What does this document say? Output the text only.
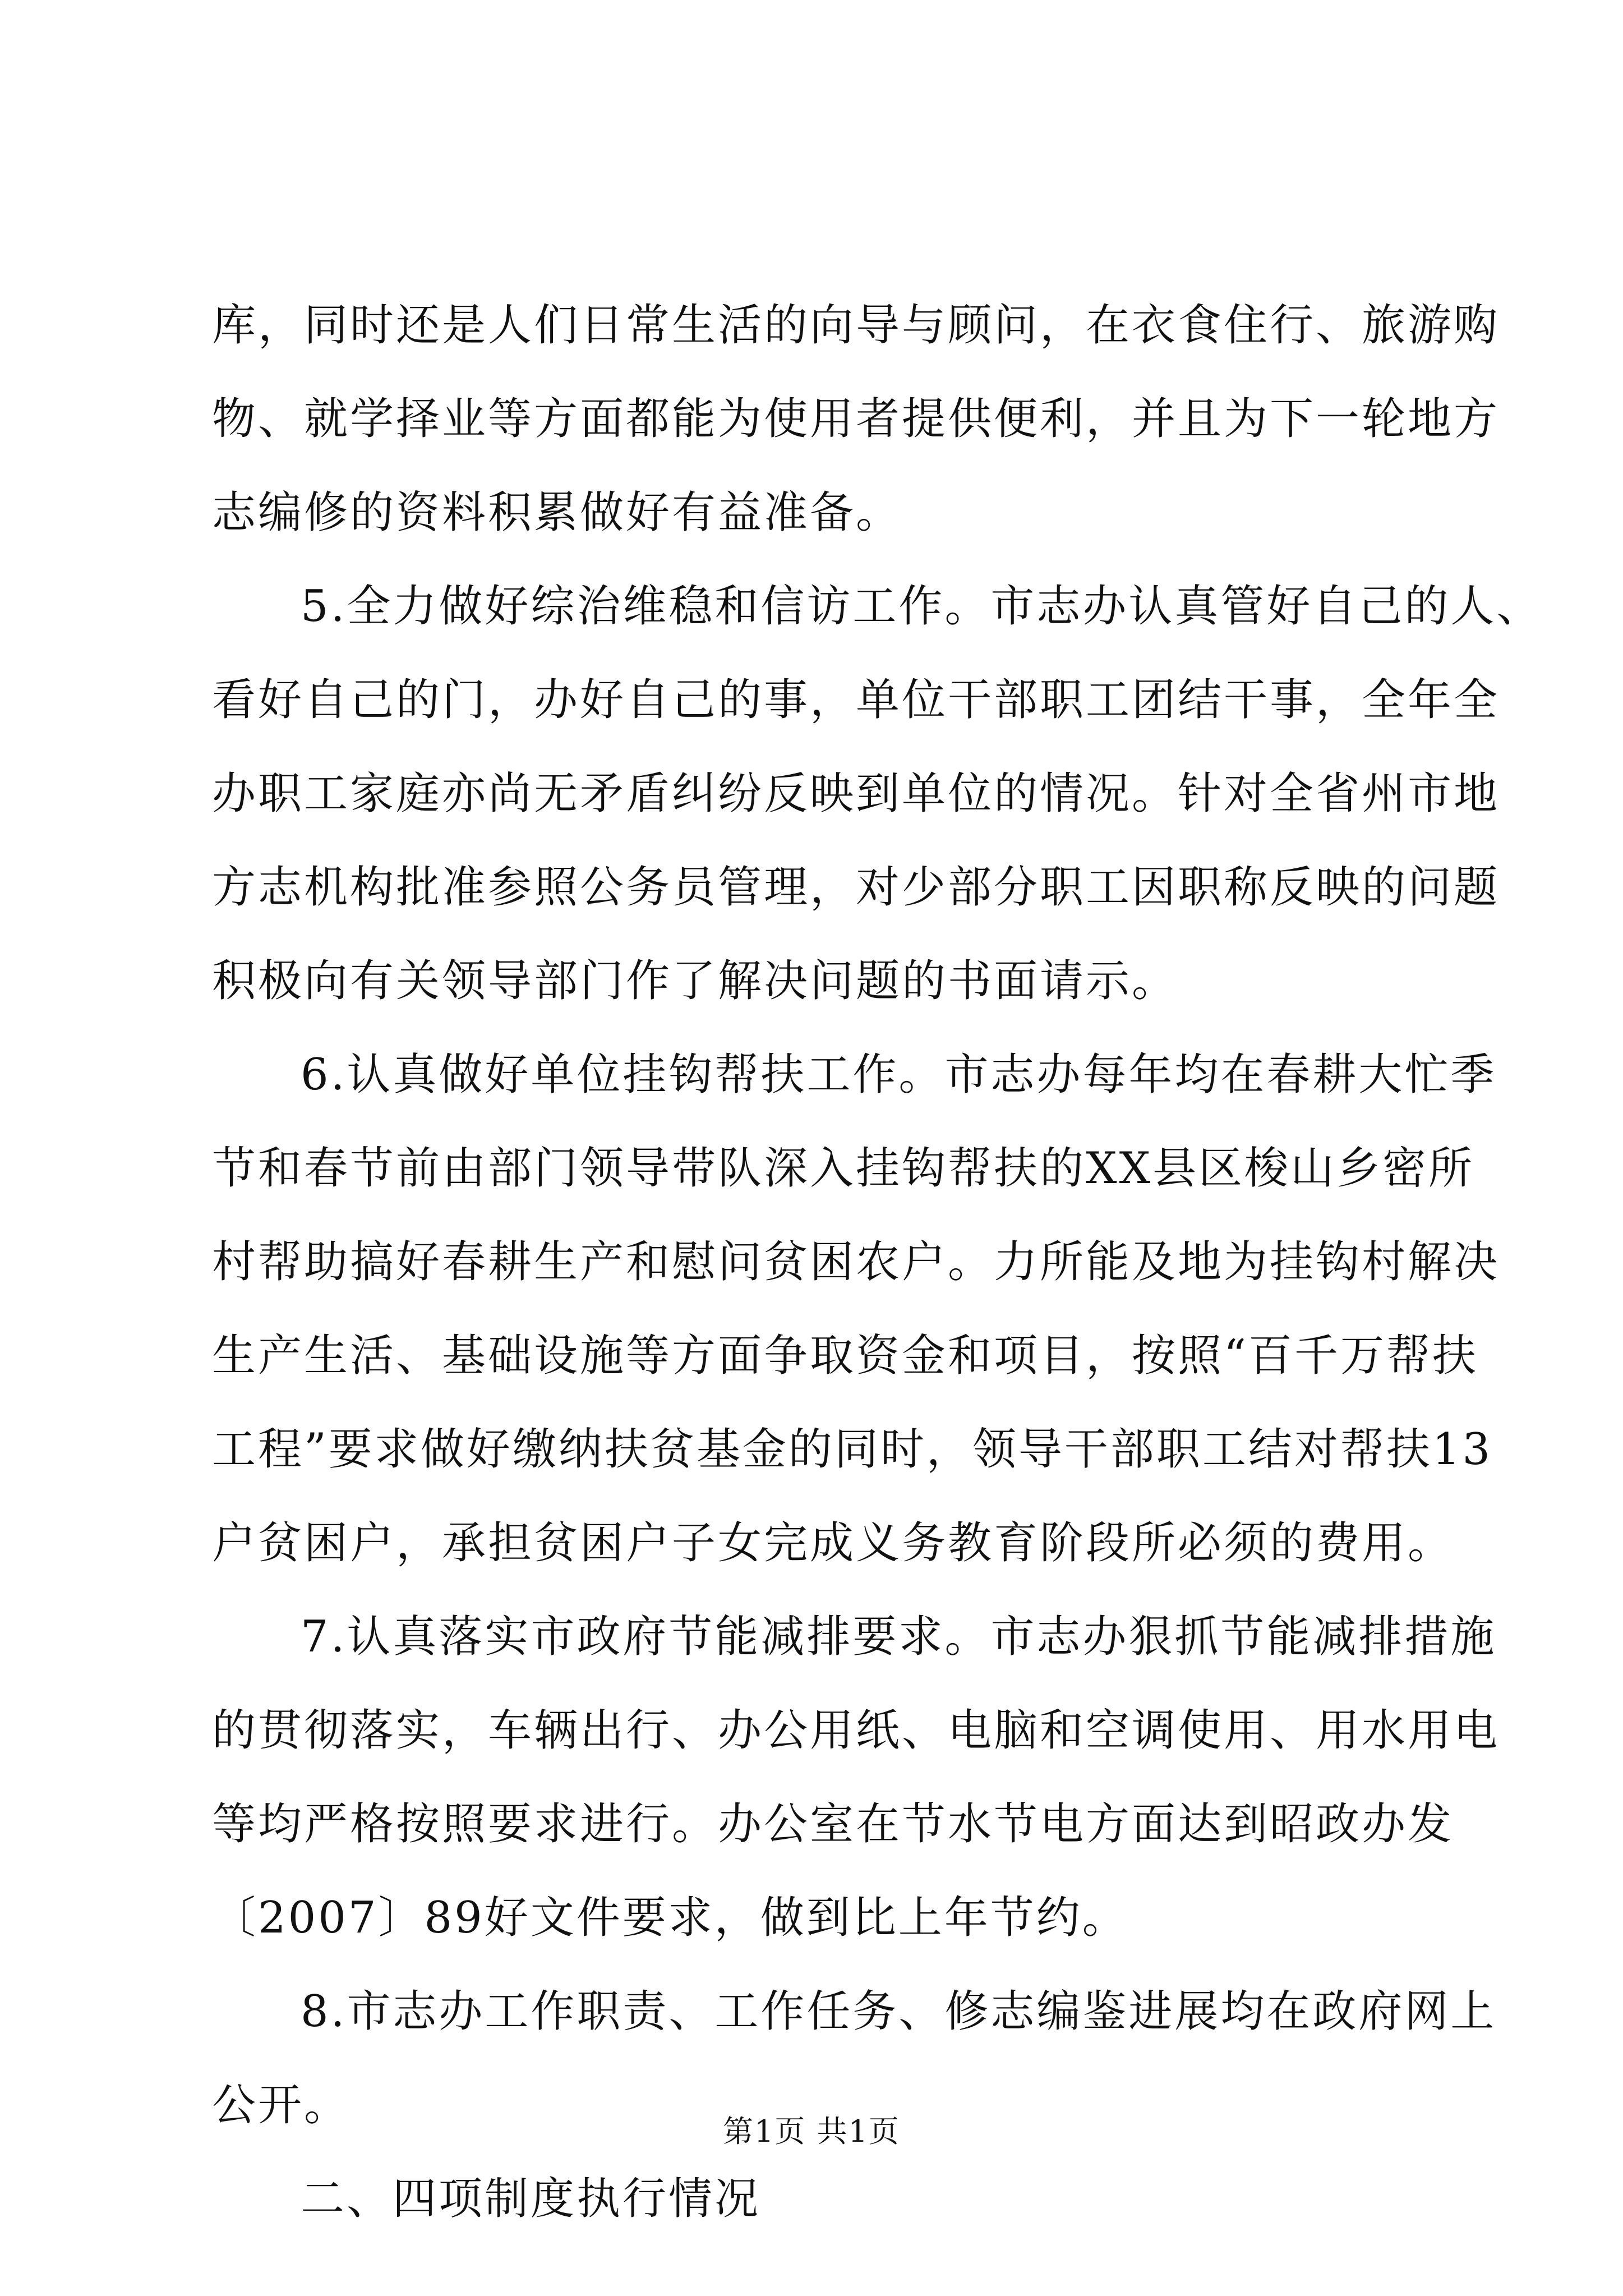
库，同时还是人们日常生活的向导与顾问，在衣食住行、旅游购
物、就学择业等方面都能为使用者提供便利，并且为下一轮地方
志编修的资料积累做好有益准备。
5.全力做好综治维稳和信访工作。市志办认真管好自己的人、
看好自己的门，办好自己的事，单位干部职工团结干事，全年全
办职工家庭亦尚无矛盾纠纷反映到单位的情况。针对全省州市地
方志机构批准参照公务员管理，对少部分职工因职称反映的问题
积极向有关领导部门作了解决问题的书面请示。
6.认真做好单位挂钩帮扶工作。市志办每年均在春耕大忙季
节和春节前由部门领导带队深入挂钩帮扶的XX县区梭山乡密所
村帮助搞好春耕生产和慰问贫困农户。力所能及地为挂钩村解决
生产生活、基础设施等方面争取资金和项目，按照“百千万帮扶
工程”要求做好缴纳扶贫基金的同时，领导干部职工结对帮扶13
户贫困户，承担贫困户子女完成义务教育阶段所必须的费用。
7.认真落实市政府节能减排要求。市志办狠抓节能减排措施
的贯彻落实，车辆出行、办公用纸、电脑和空调使用、用水用电
等均严格按照要求进行。办公室在节水节电方面达到昭政办发
〔2007〕89好文件要求，做到比上年节约。
8.市志办工作职责、工作任务、修志编鉴进展均在政府网上
公开。
二、四项制度执行情况
第1页 共1页
